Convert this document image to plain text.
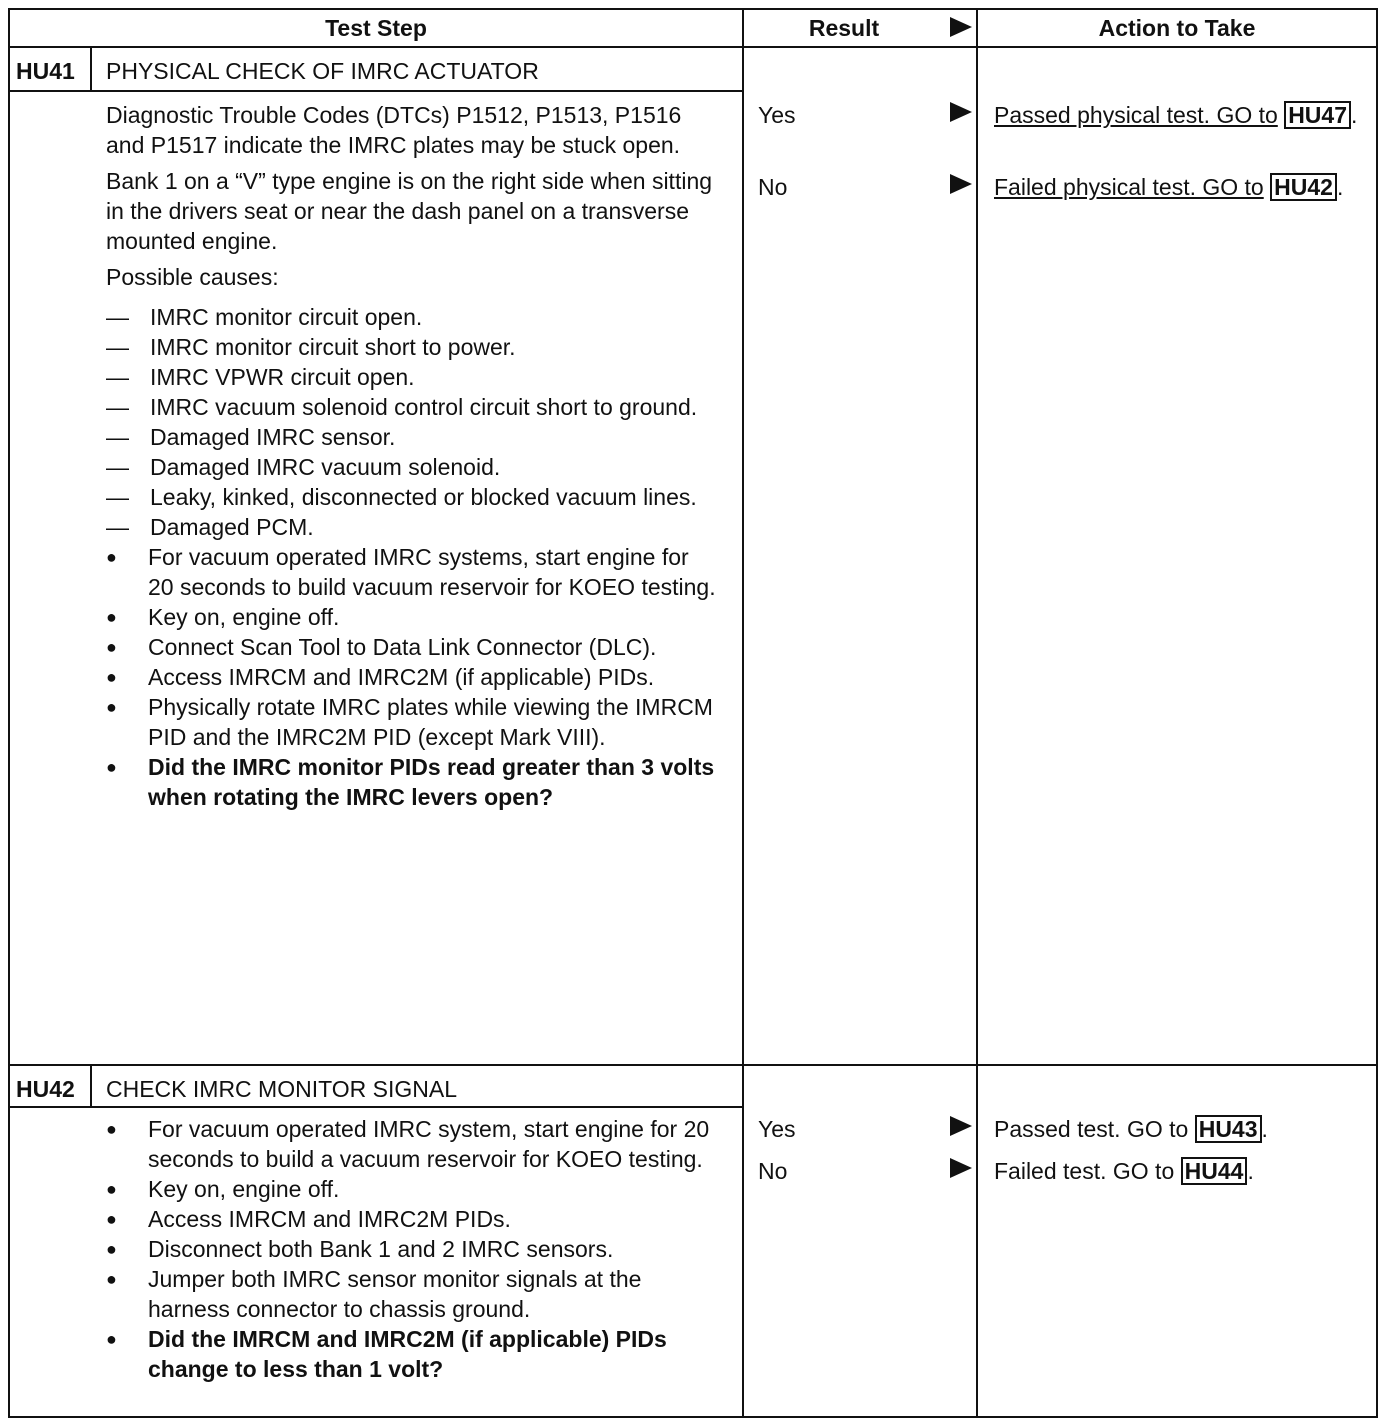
Test Step	Result	Action to Take
HU41 PHYSICAL CHECK OF IMRC ACTUATOR

Diagnostic Trouble Codes (DTCs) P1512, P1513, P1516 and P1517 indicate the IMRC plates may be stuck open.

Bank 1 on a “V” type engine is on the right side when sitting in the drivers seat or near the dash panel on a transverse mounted engine.

Possible causes:

— IMRC monitor circuit open.
— IMRC monitor circuit short to power.
— IMRC VPWR circuit open.
— IMRC vacuum solenoid control circuit short to ground.
— Damaged IMRC sensor.
— Damaged IMRC vacuum solenoid.
— Leaky, kinked, disconnected or blocked vacuum lines.
— Damaged PCM.
● For vacuum operated IMRC systems, start engine for 20 seconds to build vacuum reservoir for KOEO testing.
● Key on, engine off.
● Connect Scan Tool to Data Link Connector (DLC).
● Access IMRCM and IMRC2M (if applicable) PIDs.
● Physically rotate IMRC plates while viewing the IMRCM PID and the IMRC2M PID (except Mark VIII).
● Did the IMRC monitor PIDs read greater than 3 volts when rotating the IMRC levers open?
Yes	Passed physical test. GO to HU47 .
No	Failed physical test. GO to HU42 .
HU42 CHECK IMRC MONITOR SIGNAL
● For vacuum operated IMRC system, start engine for 20 seconds to build a vacuum reservoir for KOEO testing.
● Key on, engine off.
● Access IMRCM and IMRC2M PIDs.
● Disconnect both Bank 1 and 2 IMRC sensors.
● Jumper both IMRC sensor monitor signals at the harness connector to chassis ground.
● Did the IMRCM and IMRC2M (if applicable) PIDs change to less than 1 volt?
Yes	Passed test. GO to HU43 .
No	Failed test. GO to HU44 .
